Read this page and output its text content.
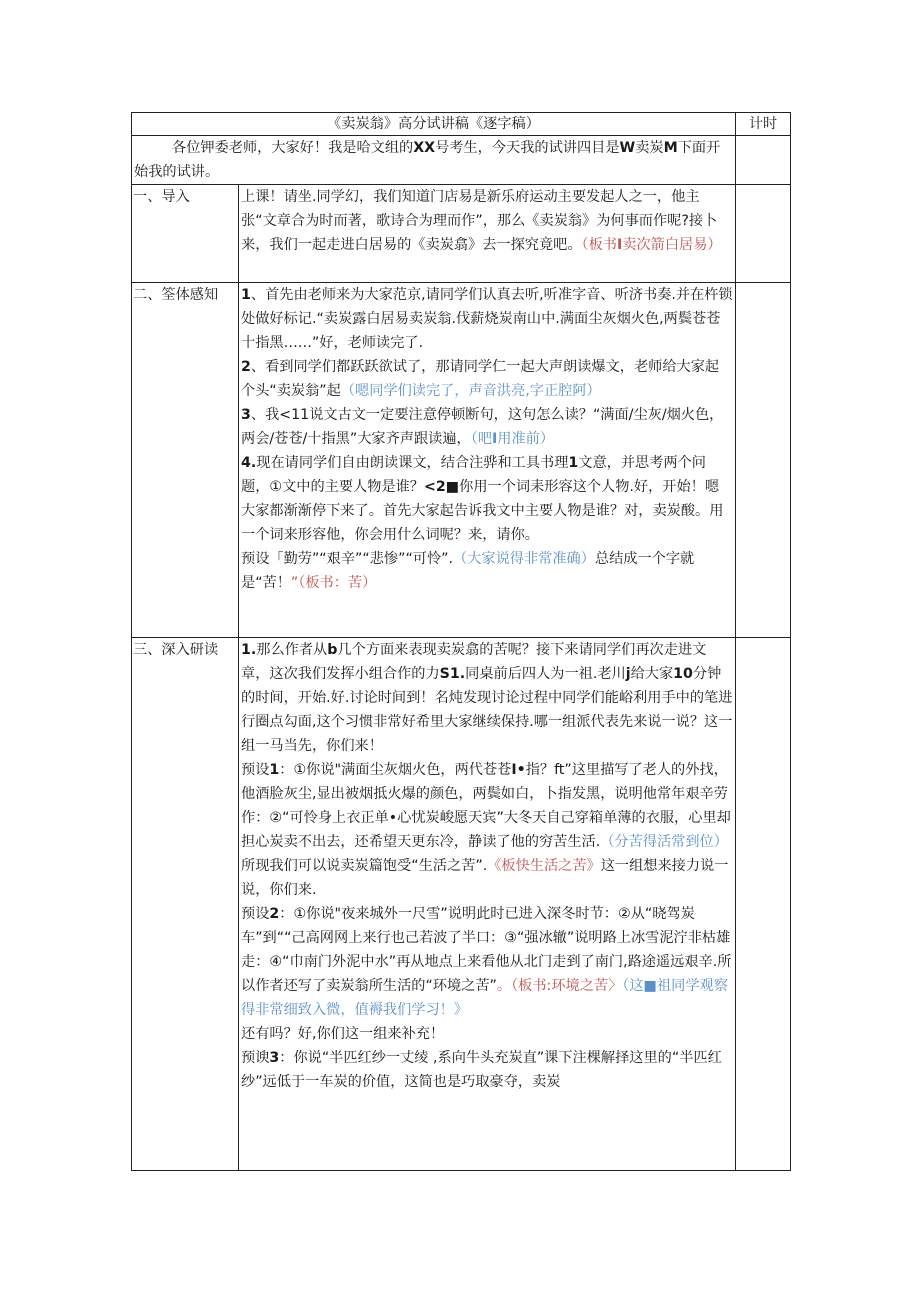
《卖炭翁》高分试讲稿《逐字稿）		计时
各位钾委老师，大家好！我是哈文组的XX号考生，今天我的试讲四目是W卖炭M下面开始我的试讲。		
一、导入	上课！请坐.同学幻，我们知道门店易是新乐府运动主要发起人之一，他主张“文章合为时而著，歌诗合为理而作”，那么《卖炭翁》为何事而作呢?接卜来，我们一起走进白居易的《卖炭翕》去一探究竟吧。（板书I卖次箭白居易）	
二、筌体感知	1、首先由老师来为大家范京,请同学们认真去听,听准字音、听济书奏.并在杵锁处做好标记.“卖炭露白居易卖炭翁.伐薪烧炭南山中.满面尘灰烟火色,两鬓苍苍十指黑……”好，老师读完了.

2、看到同学们都跃跃欲试了，那请同学仁一起大声朗读爆文，老师给大家起个头“卖炭翁”起（嗯同学们读完了，声音洪亮,字正腔阿）

3、我<11说文古文一定要注意停顿断句，这句怎么读？“满面/尘灰/烟火色，两会/苍苍/十指黑”大家齐声跟读遍，（吧I用准前）

4.现在请同学们自由朗读课文，结合注骅和工具书理1文意，并思考两个问题，①文中的主要人物是谁？<2■你用一个词耒形容这个人物.好，开始！嗯大家都渐渐停下来了。首先大家起告诉我文中主要人物是谁？对，卖炭酸。用一个词来形容他，你会用什么词呢？来，请你。

预设「勤劳”“艰辛”“悲惨”“可怜”.（大家说得非常准确）总结成一个字就是“苦！”（板书：苦）	

三、深入研读	1.那么作者从b几个方面来表现卖炭翕的苦呢？接下来请同学们再次走进文章，这次我们发挥小组合作的力S1.同桌前后四人为一祖.老川j给大家10分钟的时间，开始.好.讨论时间到！名炖发现讨论过程中同学们能峪利用手中的笔进行圈点勾面,这个习惯非常好希里大家继续保持.哪一组派代表先来说一说？这一组一马当先，你们来！

预设1：①你说"满面尘灰烟火色，两代苍苍I•指？ft”这里描写了老人的外找，他酒脸灰尘,显出被烟抵火爆的颜色，两鬓如白，卜指发黑，说明他常年艰辛劳作：②“可怜身上衣正单•心忧炭峻愿天宾”大冬天自己穿箱单薄的衣服，心里却担心炭卖不出去，还希望天更东冷，静读了他的穷苦生活.（分苦得活常到位）所现我们可以说卖炭篇饱受“生活之苦”.《板快生活之苦》这一组想来接力说一说，你们来.

预设2：①你说"夜来城外一尺雪”说明此时已进入深冬时节：②从“晓驾炭车”到““己高网网上来行也己若波了半口：③“强冰辙”说明路上冰雪泥泞非枯雄走：④“巾南门外泥中水”再从地点上来看他从北门走到了南门,路途遥远艰辛.所以作者还写了卖炭翁所生活的“环境之苦”。（板书:环境之苦〉（这■祖同学观察得非常细致入微，值褥我们学习！》

还有吗？好,你们这一组来补充！

预谀3：你说“半匹红纱一丈绫 ,系向牛头充炭直”课下注棵解择这里的“半匹红纱”远低于一车炭的价值，这简也是巧取豪夺，卖炭	
